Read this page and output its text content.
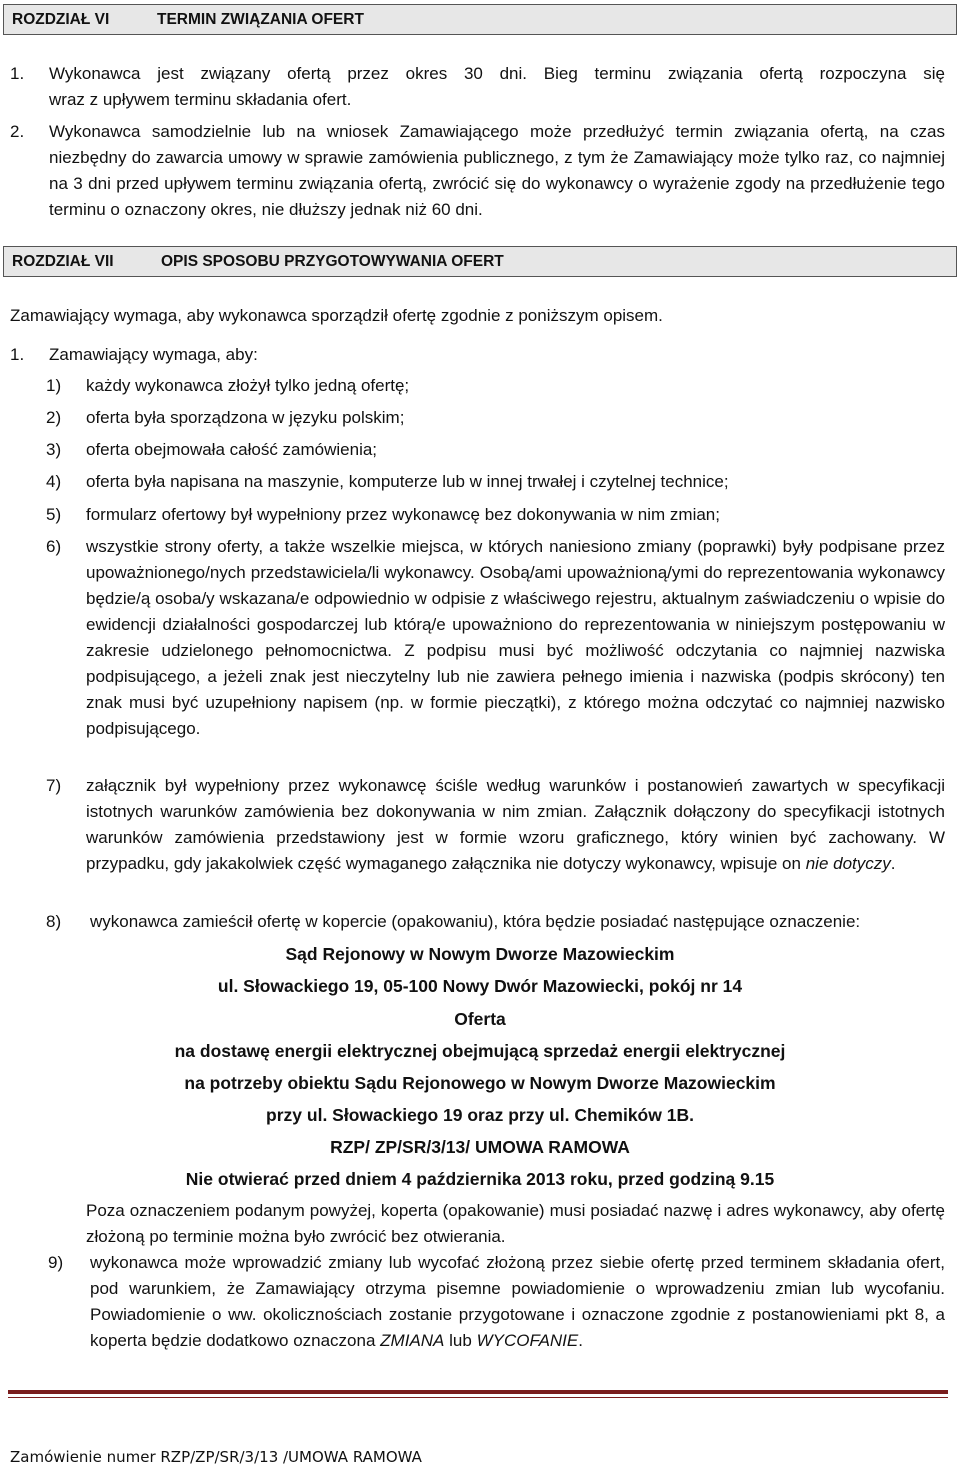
ROZDZIAŁ VI	TERMIN ZWIĄZANIA OFERT
1. Wykonawca jest związany ofertą przez okres 30 dni. Bieg terminu związania ofertą rozpoczyna się
wraz z upływem terminu składania ofert.
2. Wykonawca samodzielnie lub na wniosek Zamawiającego może przedłużyć termin związania ofertą, na czas niezbędny do zawarcia umowy w sprawie zamówienia publicznego, z tym że Zamawiający może tylko raz, co najmniej na 3 dni przed upływem terminu związania ofertą, zwrócić się do wykonawcy o wyrażenie zgody na przedłużenie tego terminu o oznaczony okres, nie dłuższy jednak niż 60 dni.
ROZDZIAŁ VII	OPIS SPOSOBU PRZYGOTOWYWANIA OFERT
Zamawiający wymaga, aby wykonawca sporządził ofertę zgodnie z poniższym opisem.
1. Zamawiający wymaga, aby:
1) każdy wykonawca złożył tylko jedną ofertę;
2) oferta była sporządzona w języku polskim;
3) oferta obejmowała całość zamówienia;
4) oferta była napisana na maszynie, komputerze lub w innej trwałej i czytelnej technice;
5) formularz ofertowy był wypełniony przez wykonawcę bez dokonywania w nim zmian;
6) wszystkie strony oferty, a także wszelkie miejsca, w których naniesiono zmiany (poprawki) były podpisane przez upoważnionego/nych przedstawiciela/li wykonawcy. Osobą/ami upoważnioną/ymi do reprezentowania wykonawcy będzie/ą osoba/y wskazana/e odpowiednio w odpisie z właściwego rejestru, aktualnym zaświadczeniu o wpisie do ewidencji działalności gospodarczej lub którą/e upoważniono do reprezentowania w niniejszym postępowaniu w zakresie udzielonego pełnomocnictwa. Z podpisu musi być możliwość odczytania co najmniej nazwiska podpisującego, a jeżeli znak jest nieczytelny lub nie zawiera pełnego imienia i nazwiska (podpis skrócony) ten znak musi być uzupełniony napisem (np. w formie pieczątki), z którego można odczytać co najmniej nazwisko podpisującego.
7) załącznik był wypełniony przez wykonawcę ściśle według warunków i postanowień zawartych w specyfikacji istotnych warunków zamówienia bez dokonywania w nim zmian. Załącznik dołączony do specyfikacji istotnych warunków zamówienia przedstawiony jest w formie wzoru graficznego, który winien być zachowany. W przypadku, gdy jakakolwiek część wymaganego załącznika nie dotyczy wykonawcy, wpisuje on nie dotyczy.
8) wykonawca zamieścił ofertę w kopercie (opakowaniu), która będzie posiadać następujące oznaczenie:
Sąd Rejonowy w Nowym Dworze Mazowieckim
ul. Słowackiego 19, 05-100 Nowy Dwór Mazowiecki, pokój nr 14
Oferta
na dostawę energii elektrycznej obejmującą sprzedaż energii elektrycznej
na potrzeby obiektu Sądu Rejonowego w Nowym Dworze Mazowieckim
przy ul. Słowackiego 19 oraz przy ul. Chemików 1B.
RZP/ ZP/SR/3/13/ UMOWA RAMOWA
Nie otwierać przed dniem 4 października 2013 roku, przed godziną 9.15
Poza oznaczeniem podanym powyżej, koperta (opakowanie) musi posiadać nazwę i adres wykonawcy, aby ofertę złożoną po terminie można było zwrócić bez otwierania.
9) wykonawca może wprowadzić zmiany lub wycofać złożoną przez siebie ofertę przed terminem składania ofert, pod warunkiem, że Zamawiający otrzyma pisemne powiadomienie o wprowadzeniu zmian lub wycofaniu. Powiadomienie o ww. okolicznościach zostanie przygotowane i oznaczone zgodnie z postanowieniami pkt 8, a koperta będzie dodatkowo oznaczona ZMIANA lub WYCOFANIE.
Zamówienie numer RZP/ZP/SR/3/13 /UMOWA RAMOWA
